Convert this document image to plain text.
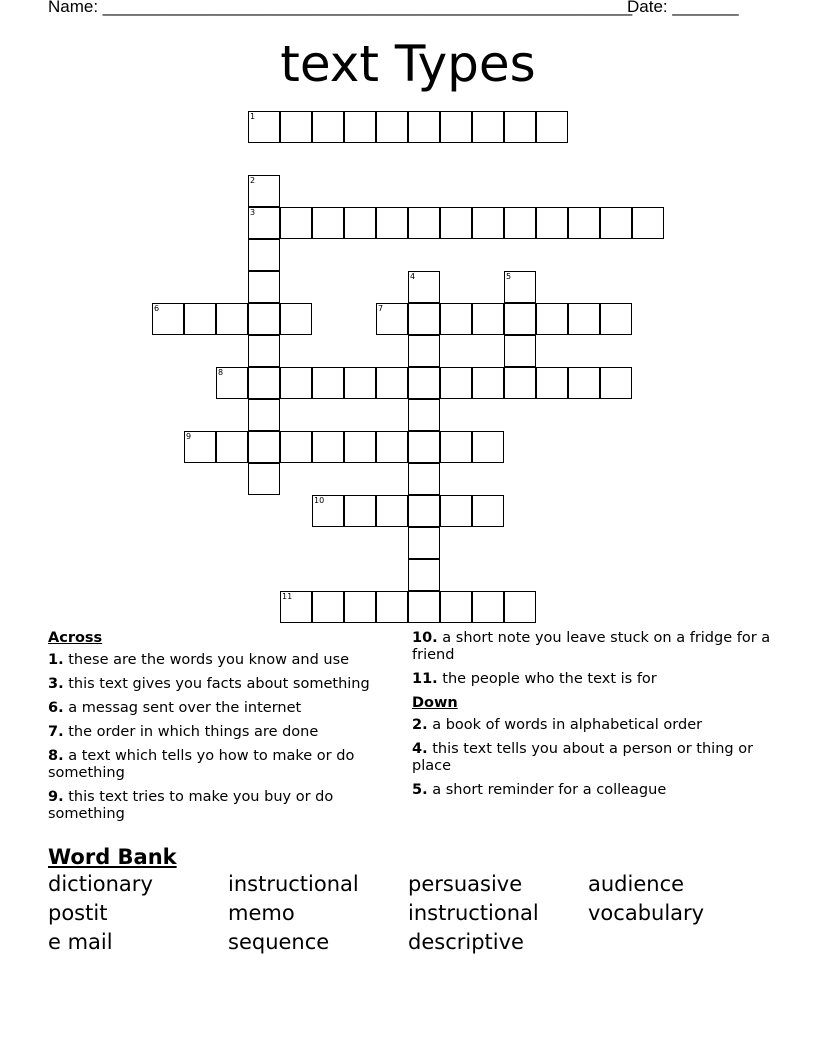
Name: ________________________________________________________
Date: _______
text Types
1
3
6	7
8
9
10
11
2
4	5
Across
1. these are the words you know and use
3. this text gives you facts about something
6. a messag sent over the internet
7. the order in which things are done
8. a text which tells yo how to make or do something
9. this text tries to make you buy or do something
10. a short note you leave stuck on a fridge for a friend
11. the people who the text is for
Down
2. a book of words in alphabetical order
4. this text tells you about a person or thing or place
5. a short reminder for a colleague
Word Bank
dictionary	instructional	persuasive	audience
postit	memo	instructional	vocabulary
e mail	sequence	descriptive
